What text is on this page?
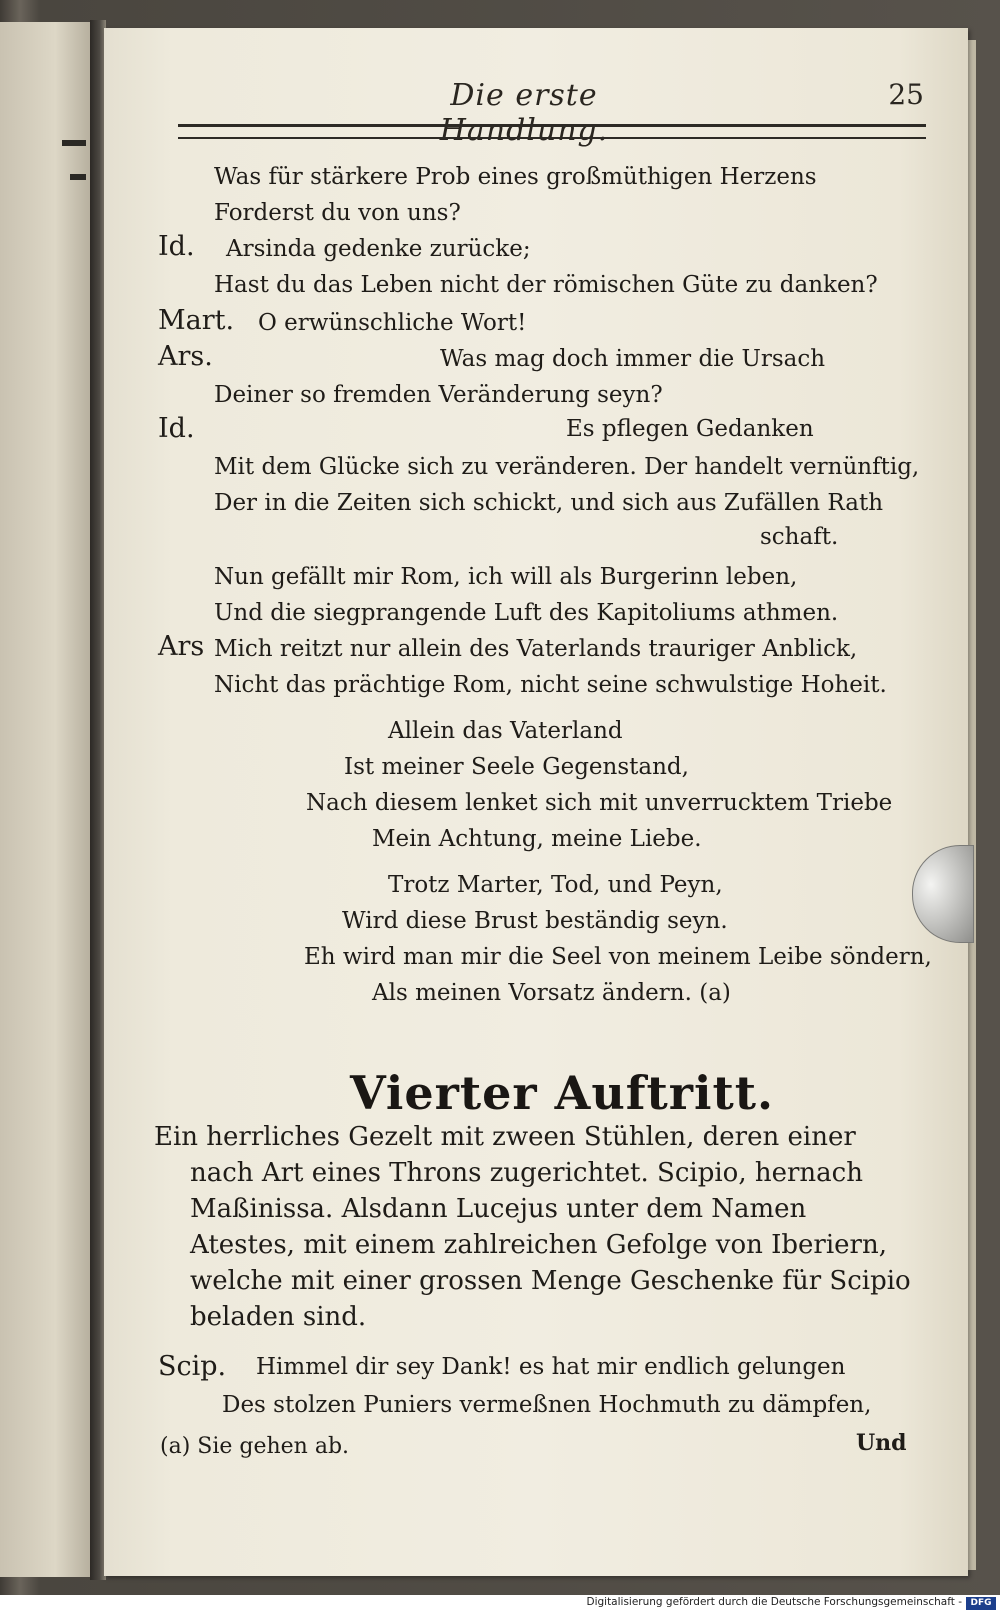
Die erste Handlung.
25
Was für stärkere Prob eines großmüthigen Herzens
Forderst du von uns?
Id. Arsinda gedenke zurücke;
Hast du das Leben nicht der römischen Güte zu danken?
Mart. O erwünschliche Wort!
Ars.	Was mag doch immer die Ursach
Deiner so fremden Veränderung seyn?
Id.	Es pflegen Gedanken
Mit dem Glücke sich zu veränderen. Der handelt vernünftig,
Der in die Zeiten sich schickt, und sich aus Zufällen Rath
schaft.
Nun gefällt mir Rom, ich will als Burgerinn leben,
Und die siegprangende Luft des Kapitoliums athmen.
Ars Mich reitzt nur allein des Vaterlands trauriger Anblick,
Nicht das prächtige Rom, nicht seine schwulstige Hoheit.
Allein das Vaterland
Ist meiner Seele Gegenstand,
Nach diesem lenket sich mit unverrucktem Triebe
Mein Achtung, meine Liebe.
Trotz Marter, Tod, und Peyn,
Wird diese Brust beständig seyn.
Eh wird man mir die Seel von meinem Leibe söndern,
Als meinen Vorsatz ändern. (a)
Vierter Auftritt.
Ein herrliches Gezelt mit zween Stühlen, deren einer
nach Art eines Throns zugerichtet. Scipio, hernach
Maßinissa. Alsdann Lucejus unter dem Namen
Atestes, mit einem zahlreichen Gefolge von Iberiern,
welche mit einer grossen Menge Geschenke für Scipio
beladen sind.
Scip. Himmel dir sey Dank! es hat mir endlich gelungen
Des stolzen Puniers vermeßnen Hochmuth zu dämpfen,
(a) Sie gehen ab.	Und
Digitalisierung gefördert durch die Deutsche Forschungsgemeinschaft - DFG
